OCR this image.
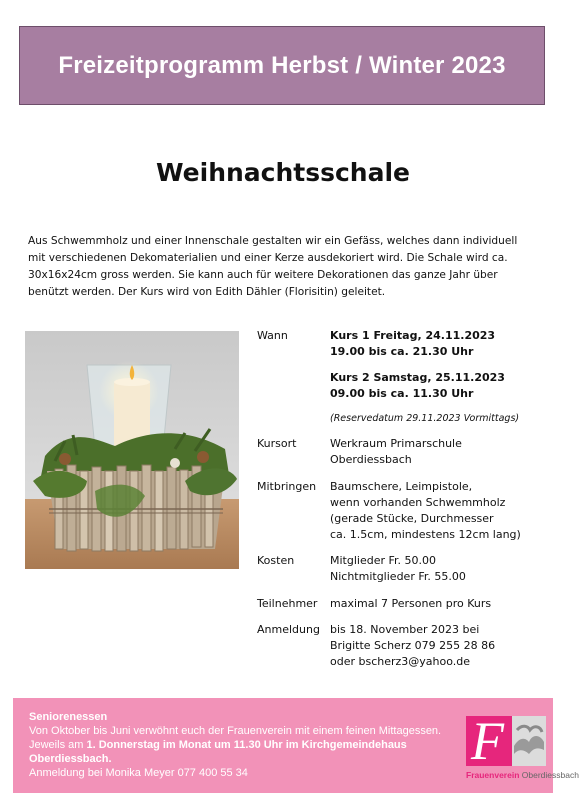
Freizeitprogramm Herbst / Winter 2023
Weihnachtsschale

Aus Schwemmholz und einer Innenschale gestalten wir ein Gefäss, welches dann individuell mit verschiedenen Dekomaterialien und einer Kerze ausdekoriert wird. Die Schale wird ca. 30x16x24cm gross werden. Sie kann auch für weitere Dekorationen das ganze Jahr über benützt werden. Der Kurs wird von Edith Dähler (Florisitin) geleitet.

Wann	Kurs 1 Freitag, 24.11.2023
19.00 bis ca. 21.30 Uhr
Kurs 2 Samstag, 25.11.2023
09.00 bis ca. 11.30 Uhr
(Reservedatum 29.11.2023 Vormittags)
Kursort	Werkraum Primarschule
Oberdiessbach
Mitbringen Baumschere, Leimpistole,
wenn vorhanden Schwemmholz
(gerade Stücke, Durchmesser
ca. 1.5cm, mindestens 12cm lang)
Kosten	Mitglieder Fr. 50.00
Nichtmitglieder Fr. 55.00
Teilnehmer maximal 7 Personen pro Kurs
Anmeldung bis 18. November 2023 bei
Brigitte Scherz 079 255 28 86
oder bscherz3@yahoo.de
Seniorenessen
Von Oktober bis Juni verwöhnt euch der Frauenverein mit einem feinen Mittagessen.
Jeweils am 1. Donnerstag im Monat um 11.30 Uhr im Kirchgemeindehaus
Oberdiessbach.
Anmeldung bei Monika Meyer 077 400 55 34
F
Frauenverein Oberdiessbach
